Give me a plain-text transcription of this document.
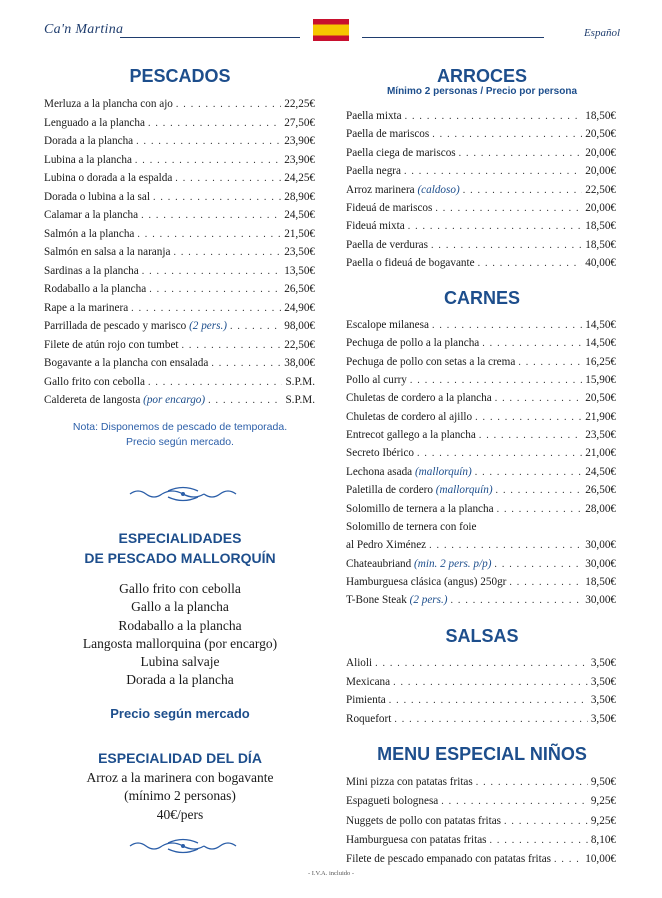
Ca'n Martina	Español
PESCADOS
Merluza a la plancha con ajo . . .	22,25€
Lenguado a la plancha . . .	27,50€
Dorada a la plancha . . .	23,90€
Lubina a la plancha . . .	23,90€
Lubina o dorada a la espalda . . .	24,25€
Dorada o lubina a la sal . . .	28,90€
Calamar a la plancha . . .	24,50€
Salmón a la plancha . . .	21,50€
Salmón en salsa a la naranja . . .	23,50€
Sardinas a la plancha . . .	13,50€
Rodaballo a la plancha . . .	26,50€
Rape a la marinera . . .	24,90€
Parrillada de pescado y marisco (2 pers.) . . .	98,00€
Filete de atún rojo con tumbet . . .	22,50€
Bogavante a la plancha con ensalada . . .	38,00€
Gallo frito con cebolla . . .	S.P.M.
Caldereta de langosta (por encargo) . . .	S.P.M.
Nota: Disponemos de pescado de temporada.
Precio según mercado.
ESPECIALIDADES
DE PESCADO MALLORQUÍN
Gallo frito con cebolla
Gallo a la plancha
Rodaballo a la plancha
Langosta mallorquina (por encargo)
Lubina salvaje
Dorada a la plancha
Precio según mercado
ESPECIALIDAD DEL DÍA
Arroz a la marinera con bogavante
(mínimo 2 personas)
40€/pers
ARROCES
Mínimo 2 personas / Precio por persona
Paella mixta . . .	18,50€
Paella de mariscos . . .	20,50€
Paella ciega de mariscos . . .	20,00€
Paella negra . . .	20,00€
Arroz marinera (caldoso) . . .	22,50€
Fideuá de mariscos . . .	20,00€
Fideuá mixta . . .	18,50€
Paella de verduras . . .	18,50€
Paella o fideuá de bogavante . . .	40,00€
CARNES
Escalope milanesa . . .	14,50€
Pechuga de pollo a la plancha . . .	14,50€
Pechuga de pollo con setas a la crema . . .	16,25€
Pollo al curry . . .	15,90€
Chuletas de cordero a la plancha . . .	20,50€
Chuletas de cordero al ajillo . . .	21,90€
Entrecot gallego a la plancha . . .	23,50€
Secreto Ibérico . . .	21,00€
Lechona asada (mallorquín) . . .	24,50€
Paletilla de cordero (mallorquín) . . .	26,50€
Solomillo de ternera a la plancha . . .	28,00€
Solomillo de ternera con foie
al Pedro Ximénez . . .	30,00€
Chateaubriand (min. 2 pers. p/p) . . .	30,00€
Hamburguesa clásica (angus) 250gr . . .	18,50€
T-Bone Steak (2 pers.) . . .	30,00€
SALSAS
Alioli . . .	3,50€
Mexicana . . .	3,50€
Pimienta . . .	3,50€
Roquefort . . .	3,50€
MENU ESPECIAL NIÑOS
Mini pizza con patatas fritas . . .	9,50€
Espagueti bolognesa . . .	9,25€
Nuggets de pollo con patatas fritas . . .	9,25€
Hamburguesa con patatas fritas . . .	8,10€
Filete de pescado empanado con patatas fritas . . .	10,00€
- I.V.A. incluido -
